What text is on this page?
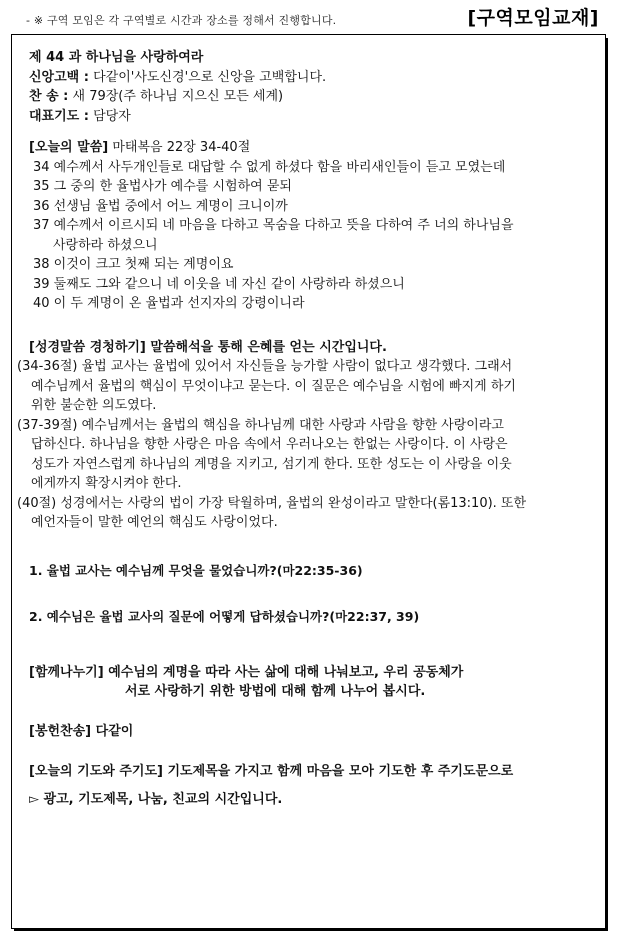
- ※ 구역 모임은 각 구역별로 시간과 장소를 정해서 진행합니다.	[구역모임교재]
제 44 과 하나님을 사랑하여라
신앙고백 : 다같이'사도신경'으로 신앙을 고백합니다.
찬 송 : 새 79장(주 하나님 지으신 모든 세계)
대표기도 : 담당자
[오늘의 말씀] 마태복음 22장 34-40절
34 예수께서 사두개인들로 대답할 수 없게 하셨다 함을 바리새인들이 듣고 모였는데
35 그 중의 한 율법사가 예수를 시험하여 묻되
36 선생님 율법 중에서 어느 계명이 크니이까
37 예수께서 이르시되 네 마음을 다하고 목숨을 다하고 뜻을 다하여 주 너의 하나님을
사랑하라 하셨으니
38 이것이 크고 첫째 되는 계명이요
39 둘째도 그와 같으니 네 이웃을 네 자신 같이 사랑하라 하셨으니
40 이 두 계명이 온 율법과 선지자의 강령이니라
[성경말씀 경청하기] 말씀해석을 통해 은혜를 얻는 시간입니다.
(34-36절) 율법 교사는 율법에 있어서 자신들을 능가할 사람이 없다고 생각했다. 그래서
예수님께서 율법의 핵심이 무엇이냐고 묻는다. 이 질문은 예수님을 시험에 빠지게 하기
위한 불순한 의도였다.
(37-39절) 예수님께서는 율법의 핵심을 하나님께 대한 사랑과 사람을 향한 사랑이라고
답하신다. 하나님을 향한 사랑은 마음 속에서 우러나오는 한없는 사랑이다. 이 사랑은
성도가 자연스럽게 하나님의 계명을 지키고, 섬기게 한다. 또한 성도는 이 사랑을 이웃
에게까지 확장시켜야 한다.
(40절) 성경에서는 사랑의 법이 가장 탁월하며, 율법의 완성이라고 말한다(롬13:10). 또한
예언자들이 말한 예언의 핵심도 사랑이었다.
1. 율법 교사는 예수님께 무엇을 물었습니까?(마22:35-36)
2. 예수님은 율법 교사의 질문에 어떻게 답하셨습니까?(마22:37, 39)
[함께나누기] 예수님의 계명을 따라 사는 삶에 대해 나눠보고, 우리 공동체가
서로 사랑하기 위한 방법에 대해 함께 나누어 봅시다.
[봉헌찬송] 다같이
[오늘의 기도와 주기도] 기도제목을 가지고 함께 마음을 모아 기도한 후 주기도문으로
▻ 광고, 기도제목, 나눔, 친교의 시간입니다.
